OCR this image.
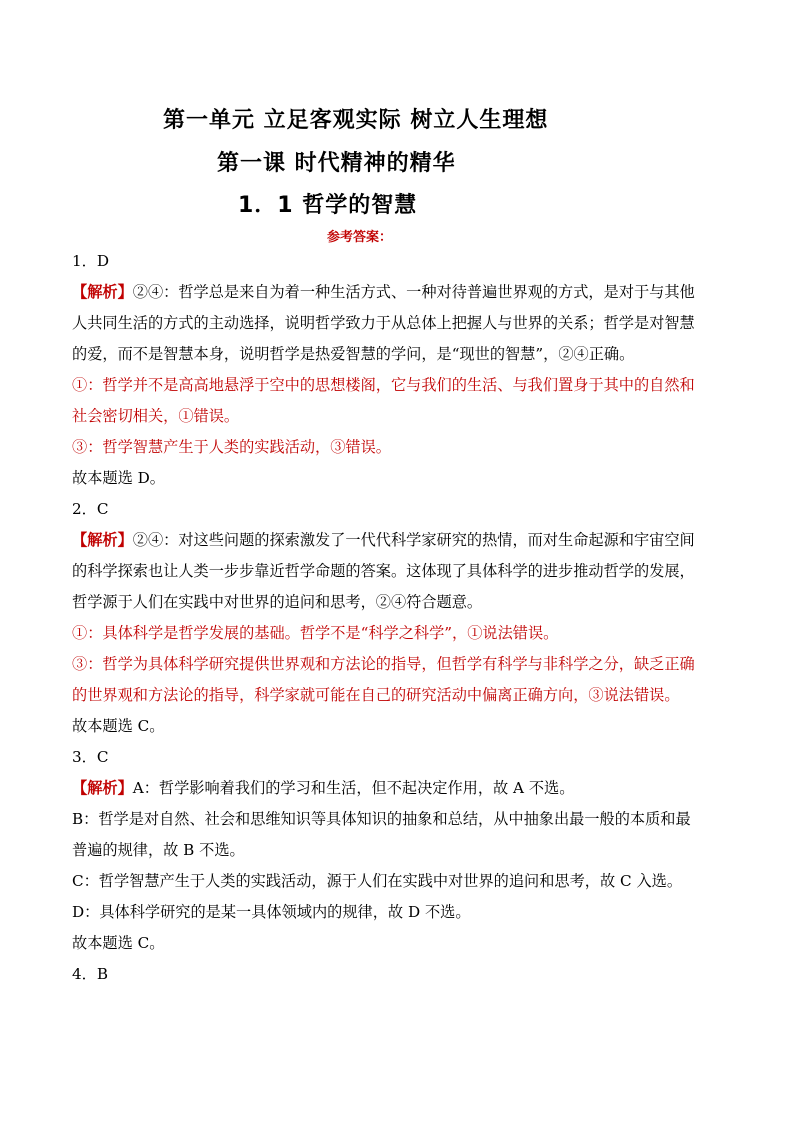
第一单元 立足客观实际 树立人生理想
第一课 时代精神的精华
1．1 哲学的智慧
参考答案：
1．D
【解析】②④：哲学总是来自为着一种生活方式、一种对待普遍世界观的方式，是对于与其他
人共同生活的方式的主动选择，说明哲学致力于从总体上把握人与世界的关系；哲学是对智慧
的爱，而不是智慧本身，说明哲学是热爱智慧的学问，是“现世的智慧”，②④正确。
①：哲学并不是高高地悬浮于空中的思想楼阁，它与我们的生活、与我们置身于其中的自然和
社会密切相关，①错误。
③：哲学智慧产生于人类的实践活动，③错误。
故本题选 D。
2．C
【解析】②④：对这些问题的探索激发了一代代科学家研究的热情，而对生命起源和宇宙空间
的科学探索也让人类一步步靠近哲学命题的答案。这体现了具体科学的进步推动哲学的发展，
哲学源于人们在实践中对世界的追问和思考，②④符合题意。
①：具体科学是哲学发展的基础。哲学不是“科学之科学”，①说法错误。
③：哲学为具体科学研究提供世界观和方法论的指导，但哲学有科学与非科学之分，缺乏正确
的世界观和方法论的指导，科学家就可能在自己的研究活动中偏离正确方向，③说法错误。
故本题选 C。
3．C
【解析】A：哲学影响着我们的学习和生活，但不起决定作用，故 A 不选。
B：哲学是对自然、社会和思维知识等具体知识的抽象和总结，从中抽象出最一般的本质和最
普遍的规律，故 B 不选。
C：哲学智慧产生于人类的实践活动，源于人们在实践中对世界的追问和思考，故 C 入选。
D：具体科学研究的是某一具体领域内的规律，故 D 不选。
故本题选 C。
4．B
